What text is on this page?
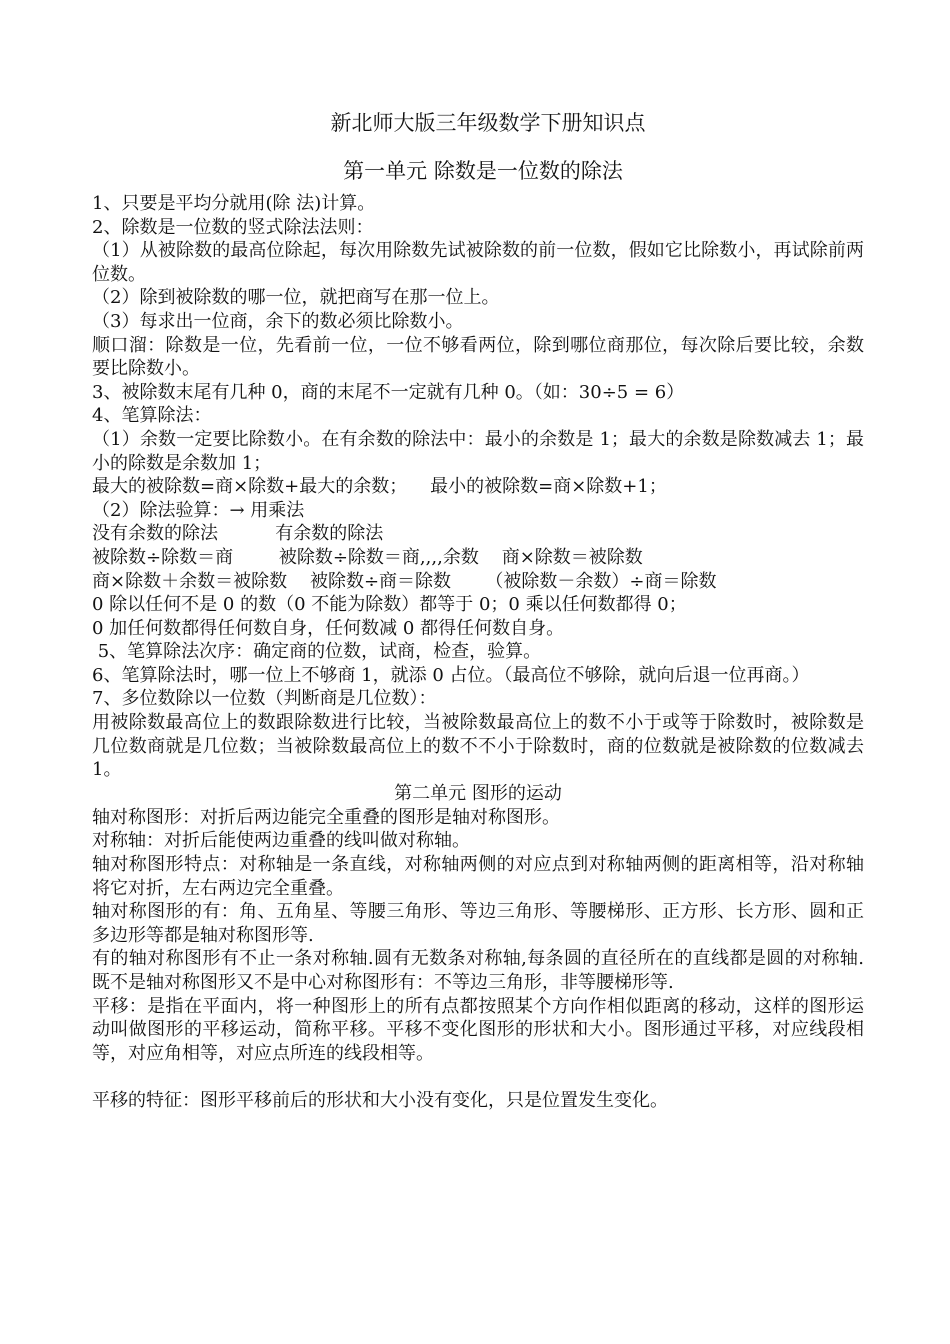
新北师大版三年级数学下册知识点
第一单元 除数是一位数的除法
1、只要是平均分就用(除 法)计算。
2、除数是一位数的竖式除法法则：
（1）从被除数的最高位除起，每次用除数先试被除数的前一位数，假如它比除数小，再试除前两位数。
（2）除到被除数的哪一位，就把商写在那一位上。
（3）每求出一位商，余下的数必须比除数小。
顺口溜：除数是一位，先看前一位，一位不够看两位，除到哪位商那位，每次除后要比较，余数要比除数小。
3、被除数末尾有几种 0，商的末尾不一定就有几种 0。（如：30÷5 = 6）
4、笔算除法：
（1）余数一定要比除数小。在有余数的除法中：最小的余数是 1；最大的余数是除数减去 1；最小的除数是余数加 1；
最大的被除数=商×除数+最大的余数；    最小的被除数=商×除数+1；
（2）除法验算：→ 用乘法
没有余数的除法          有余数的除法
被除数÷除数＝商        被除数÷除数＝商,,,,余数    商×除数＝被除数
商×除数＋余数＝被除数    被除数÷商＝除数      （被除数－余数）÷商＝除数
0 除以任何不是 0 的数（0 不能为除数）都等于 0；0 乘以任何数都得 0；
0 加任何数都得任何数自身，任何数减 0 都得任何数自身。
5、笔算除法次序：确定商的位数，试商，检查，验算。
6、笔算除法时，哪一位上不够商 1，就添 0 占位。（最高位不够除，就向后退一位再商。）
7、多位数除以一位数（判断商是几位数）：
用被除数最高位上的数跟除数进行比较，当被除数最高位上的数不小于或等于除数时，被除数是几位数商就是几位数；当被除数最高位上的数不不小于除数时，商的位数就是被除数的位数减去 1。
第二单元 图形的运动
轴对称图形：对折后两边能完全重叠的图形是轴对称图形。
对称轴：对折后能使两边重叠的线叫做对称轴。
轴对称图形特点：对称轴是一条直线，对称轴两侧的对应点到对称轴两侧的距离相等，沿对称轴将它对折，左右两边完全重叠。
轴对称图形的有：角、五角星、等腰三角形、等边三角形、等腰梯形、正方形、长方形、圆和正多边形等都是轴对称图形等.
有的轴对称图形有不止一条对称轴.圆有无数条对称轴,每条圆的直径所在的直线都是圆的对称轴.既不是轴对称图形又不是中心对称图形有：不等边三角形，非等腰梯形等.
平移：是指在平面内，将一种图形上的所有点都按照某个方向作相似距离的移动，这样的图形运动叫做图形的平移运动，简称平移。平移不变化图形的形状和大小。图形通过平移，对应线段相等，对应角相等，对应点所连的线段相等。
平移的特征：图形平移前后的形状和大小没有变化，只是位置发生变化。
